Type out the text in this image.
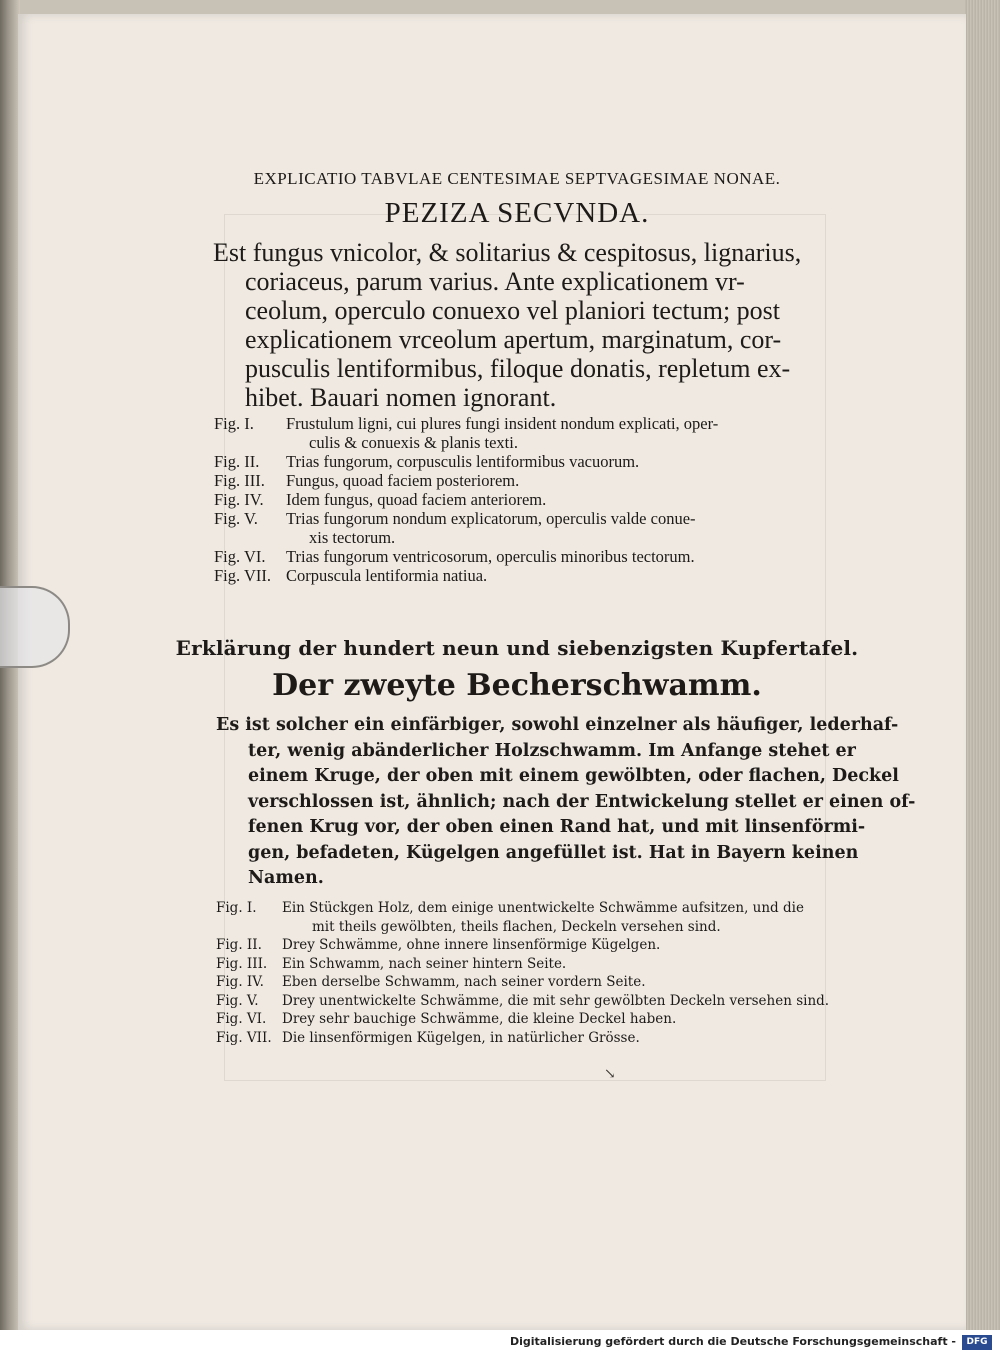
EXPLICATIO TABVLAE CENTESIMAE SEPTVAGESIMAE NONAE.
PEZIZA SECVNDA.
Est fungus vnicolor, & solitarius & cespitosus, lignarius,
coriaceus, parum varius. Ante explicationem vr-
ceolum, operculo conuexo vel planiori tectum; post
explicationem vrceolum apertum, marginatum, cor-
pusculis lentiformibus, filoque donatis, repletum ex-
hibet. Bauari nomen ignorant.
Fig. I.	Frustulum ligni, cui plures fungi insident nondum explicati, oper-
culis & conuexis & planis texti.
Fig. II.	Trias fungorum, corpusculis lentiformibus vacuorum.
Fig. III.	Fungus, quoad faciem posteriorem.
Fig. IV.	Idem fungus, quoad faciem anteriorem.
Fig. V.	Trias fungorum nondum explicatorum, operculis valde conue-
xis tectorum.
Fig. VI.	Trias fungorum ventricosorum, operculis minoribus tectorum.
Fig. VII. Corpuscula lentiformia natiua.
Erklärung der hundert neun und siebenzigsten Kupfertafel.
Der zweyte Becherschwamm.
Es ist solcher ein einfärbiger, sowohl einzelner als häufiger, lederhaf-
ter, wenig abänderlicher Holzschwamm. Im Anfange stehet er
einem Kruge, der oben mit einem gewölbten, oder flachen, Deckel
verschlossen ist, ähnlich; nach der Entwickelung stellet er einen of-
fenen Krug vor, der oben einen Rand hat, und mit linsenförmi-
gen, befadeten, Kügelgen angefüllet ist. Hat in Bayern keinen
Namen.
Fig. I.	Ein Stückgen Holz, dem einige unentwickelte Schwämme aufsitzen, und die
mit theils gewölbten, theils flachen, Deckeln versehen sind.
Fig. II.	Drey Schwämme, ohne innere linsenförmige Kügelgen.
Fig. III.	Ein Schwamm, nach seiner hintern Seite.
Fig. IV.	Eben derselbe Schwamm, nach seiner vordern Seite.
Fig. V.	Drey unentwickelte Schwämme, die mit sehr gewölbten Deckeln versehen sind.
Fig. VI.	Drey sehr bauchige Schwämme, die kleine Deckel haben.
Fig. VII. Die linsenförmigen Kügelgen, in natürlicher Grösse.
↘
Digitalisierung gefördert durch die Deutsche Forschungsgemeinschaft -	DFG
